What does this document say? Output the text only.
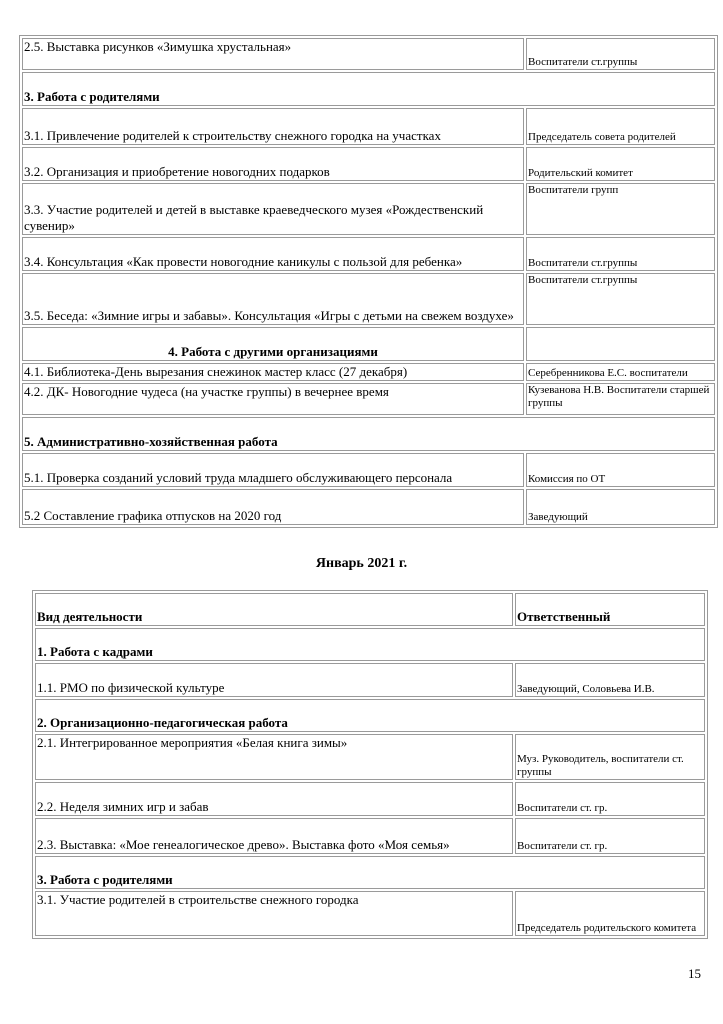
2.5. Выставка рисунков «Зимушка хрустальная»	Воспитатели ст.группы
3. Работа с родителями	
3.1. Привлечение родителей к строительству снежного городка на участках	Председатель совета родителей
3.2. Организация и приобретение новогодних подарков	Родительский комитет
3.3. Участие родителей и детей в выставке краеведческого музея «Рождественский сувенир»	Воспитатели групп
3.4. Консультация «Как провести новогодние каникулы с пользой для ребенка»	Воспитатели ст.группы
3.5. Беседа: «Зимние игры и забавы». Консультация «Игры с детьми на свежем воздухе»	Воспитатели ст.группы
4. Работа с другими организациями	
4.1. Библиотека-День вырезания снежинок мастер класс (27 декабря)	Серебренникова Е.С. воспитатели
4.2. ДК- Новогодние чудеса (на участке группы) в вечернее время	Кузеванова Н.В. Воспитатели старшей группы
5. Административно-хозяйственная работа	
5.1. Проверка созданий условий труда младшего обслуживающего персонала	Комиссия по ОТ
5.2 Составление графика отпусков на 2020 год	Заведующий
Январь 2021 г.
Вид деятельности	Ответственный
1. Работа с кадрами	
1.1. РМО по физической культуре	Заведующий, Соловьева И.В.
2. Организационно-педагогическая работа	
2.1. Интегрированное мероприятия «Белая книга зимы»	Муз. Руководитель, воспитатели ст. группы
2.2. Неделя зимних игр и забав	Воспитатели ст. гр.
2.3. Выставка: «Мое генеалогическое древо». Выставка фото «Моя семья»	Воспитатели ст. гр.
3. Работа с родителями	
3.1. Участие родителей в строительстве снежного городка	Председатель родительского комитета
15
